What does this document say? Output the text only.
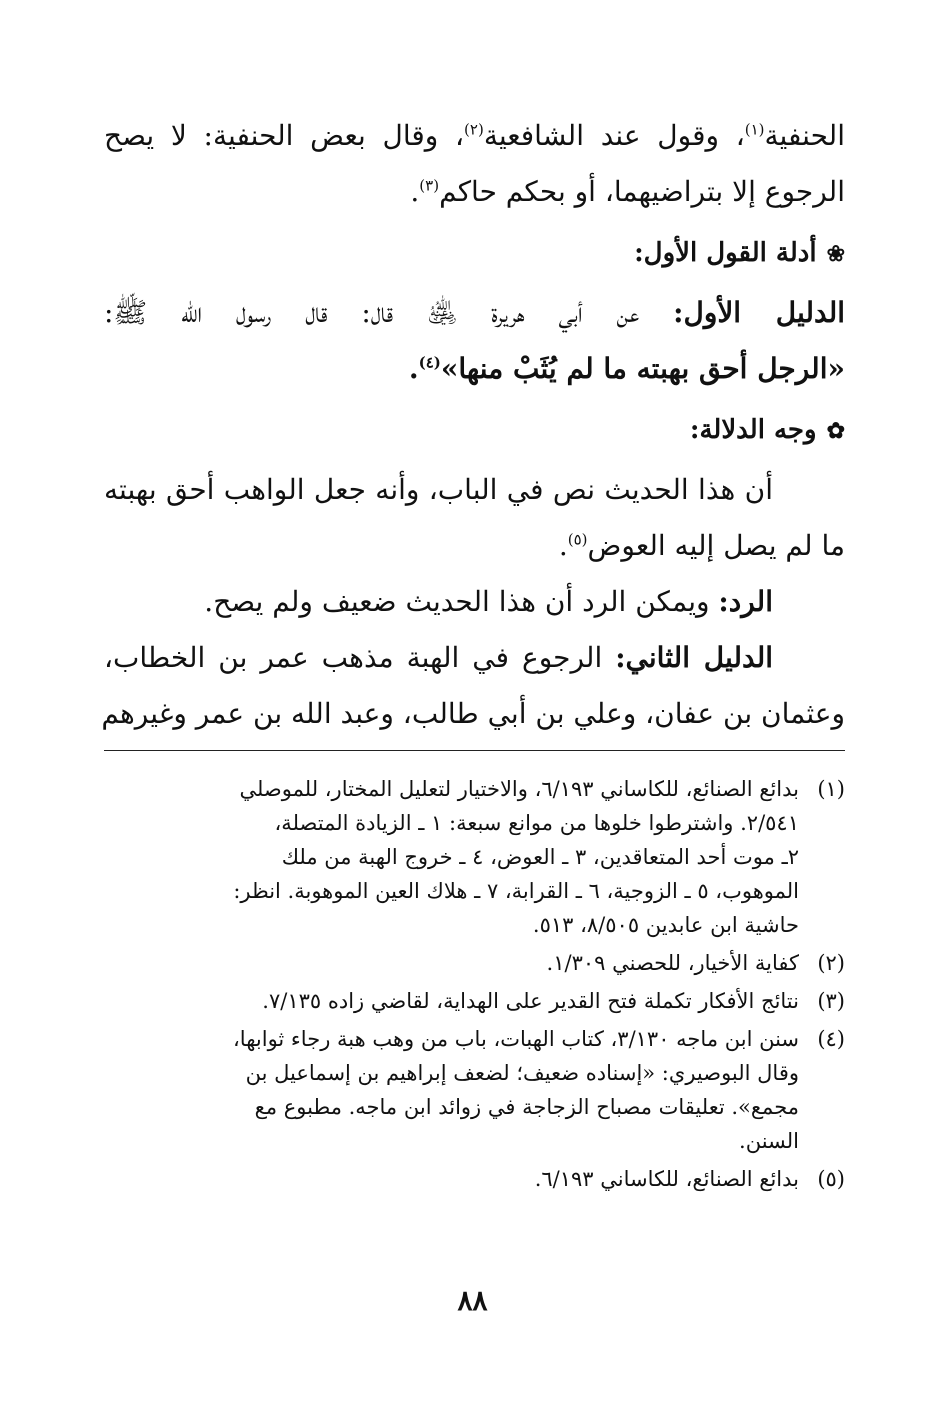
الحنفية$^{(١)}$، وقول عند الشافعية$^{(٢)}$، وقال بعض الحنفية: لا يصح
الرجوع إلا بتراضيهما، أو بحكم حاكم$^{(٣)}$.
❀أدلة القول الأول:
الدليل الأول: عن أبي هريرة ﵁ قال: قال رسول الله ﷺ:
«الرجل أحق بهبته ما لم يُثَبْ منها»$^{(٤)}$.
✿وجه الدلالة:
أن هذا الحديث نص في الباب، وأنه جعل الواهب أحق بهبته
ما لم يصل إليه العوض$^{(٥)}$.
الرد: ويمكن الرد أن هذا الحديث ضعيف ولم يصح.
الدليل الثاني: الرجوع في الهبة مذهب عمر بن الخطاب،
وعثمان بن عفان، وعلي بن أبي طالب، وعبد الله بن عمر وغيرهم
(١)
بدائع الصنائع، للكاساني ٦/١٩٣، والاختيار لتعليل المختار، للموصلي
٢/٥٤١. واشترطوا خلوها من موانع سبعة: ١ ـ الزيادة المتصلة،
٢ـ موت أحد المتعاقدين، ٣ ـ العوض، ٤ ـ خروج الهبة من ملك
الموهوب، ٥ ـ الزوجية، ٦ ـ القرابة، ٧ ـ هلاك العين الموهوبة. انظر:
حاشية ابن عابدين ٨/٥٠٥، ٥١٣.
(٢)
كفاية الأخيار، للحصني ١/٣٠٩.
(٣)
نتائج الأفكار تكملة فتح القدير على الهداية، لقاضي زاده ٧/١٣٥.
(٤)
سنن ابن ماجه ٣/١٣٠، كتاب الهبات، باب من وهب هبة رجاء ثوابها،
وقال البوصيري: «إسناده ضعيف؛ لضعف إبراهيم بن إسماعيل بن
مجمع». تعليقات مصباح الزجاجة في زوائد ابن ماجه. مطبوع مع
السنن.
(٥)
بدائع الصنائع، للكاساني ٦/١٩٣.
٨٨
